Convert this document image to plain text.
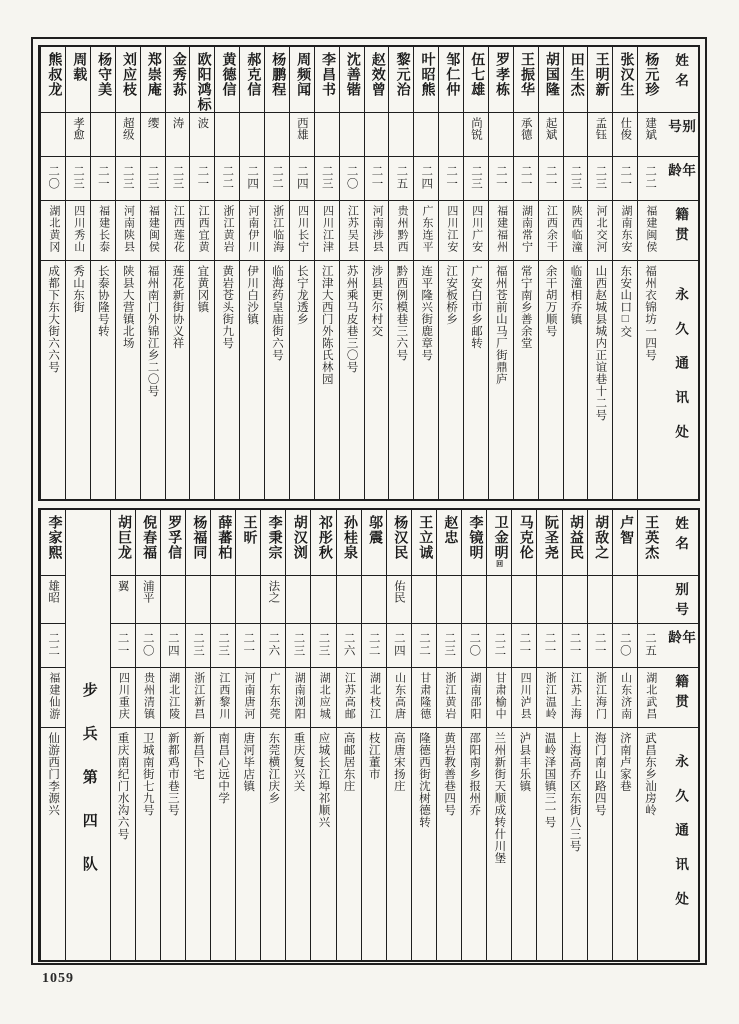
姓名
别号
年龄
籍贯
永久通讯处
杨元珍
建斌
二二
福建闽侯
福州衣锦坊一四号
张汉生
仕俊
二一
湖南东安
东安山口□交
王明新
孟钰
二三
河北交河
山西赵城县城内正谊巷十二号
田生杰
二三
陕西临潼
临潼相乔镇
胡国隆
起斌
二一
江西余干
余干胡万顺号
王振华
承德
二一
湖南常宁
常宁南乡善余堂
罗孝栋
二一
福建福州
福州苍前山马厂街鼎庐
伍七雄
尚锐
二三
四川广安
广安白市乡邮转
邹仁仲
二一
四川江安
江安板桥乡
叶昭熊
二四
广东连平
连平隆兴街鹿章号
黎元治
二五
贵州黔西
黔西例模巷三六号
赵效曾
二一
河南涉县
涉县更尔村交
沈善锴
二〇
江苏吴县
苏州乘马皮巷三〇号
李昌书
二三
四川江津
江津大西门外陈氏林园
周频闻
西雄
二四
四川长宁
长宁龙透乡
杨鹏程
二二
浙江临海
临海药皇庙街六号
郝克信
二四
河南伊川
伊川白沙镇
黄德信
二二
浙江黄岩
黄岩苍头街九号
欧阳鸿标
波
二一
江西宜黄
宜黄冈镇
金秀荪
涛
二三
江西莲花
莲花新街协义祥
郑崇庵
缨
二三
福建闽侯
福州南门外锦江乡二〇号
刘应枝
超级
二三
河南陕县
陕县大营镇北场
杨守美
二一
福建长泰
长泰协隆号转
周载
孝愈
二三
四川秀山
秀山东街
熊叔龙
二〇
湖北黄冈
成都下东大街六六号
姓名
别号
年龄
籍贯
永久通讯处
王英杰
二五
湖北武昌
武昌东乡汕房岭
卢智
二〇
山东济南
济南卢家巷
胡敌之
二一
浙江海门
海门南山路四号
胡益民
二一
江苏上海
上海高乔区东街八三号
阮圣尧
二一
浙江温岭
温岭泽国镇三一号
马克伦
二一
四川泸县
泸县丰乐镇
卫金明回
二二
甘肃榆中
兰州新街天顺成转什川堡
李镜明
二〇
湖南邵阳
邵阳南乡报州乔
赵忠
二三
浙江黄岩
黄岩教善巷四号
王立诚
二二
甘肃隆德
隆德西街沈树德转
杨汉民
佑民
二四
山东高唐
高唐宋扬庄
邬震
二二
湖北枝江
枝江董市
孙桂泉
二六
江苏高邮
高邮居东庄
祁彤秋
二三
湖北应城
应城长江埠祁顺兴
胡汉浏
二三
湖南浏阳
重庆复兴关
李秉宗
法之
二六
广东东莞
东莞横江庆乡
王昕
二一
河南唐河
唐河毕店镇
薛蕃柏
二三
江西黎川
南昌心远中学
杨福同
二三
浙江新昌
新昌下宅
罗孚信
二四
湖北江陵
新都鸡市巷三号
倪春福
浦平
二〇
贵州清镇
卫城南街七九号
胡巨龙
翼
二一
四川重庆
重庆南纪门水沟六号
步兵第四队
李家熙
雄昭
二二
福建仙游
仙游西门李源兴
1059
